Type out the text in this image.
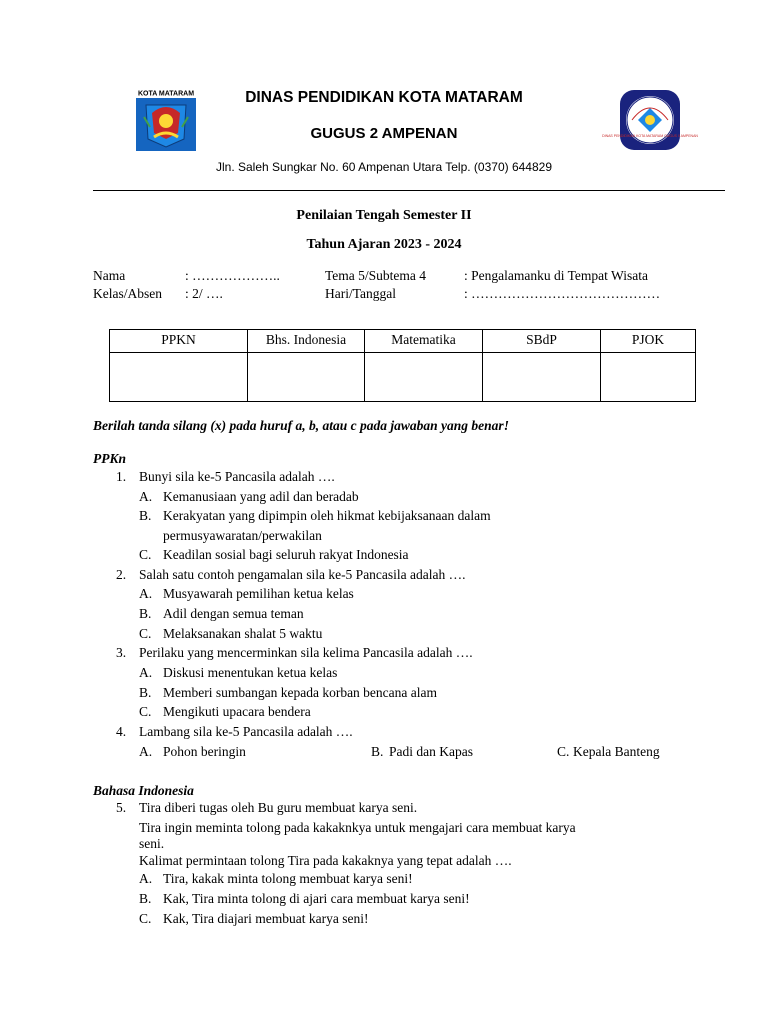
KOTA MATARAM
DINAS PENDIDIKAN KOTA MATARAM GUGUS II AMPENAN
DINAS PENDIDIKAN KOTA MATARAM
GUGUS 2 AMPENAN
Jln. Saleh Sungkar No. 60 Ampenan Utara Telp. (0370) 644829
Penilaian Tengah Semester II
Tahun Ajaran 2023 - 2024
Nama	: ………………..	Tema 5/Subtema 4	: Pengalamanku di Tempat Wisata
Kelas/Absen : 2/ ….	Hari/Tanggal	: ……………………………………
PPKN	Bhs. Indonesia	Matematika	SBdP	PJOK

Berilah tanda silang (x) pada huruf a, b, atau c pada jawaban yang benar!
PPKn
1. Bunyi sila ke-5 Pancasila adalah ….
A. Kemanusiaan yang adil dan beradab
B. Kerakyatan yang dipimpin oleh hikmat kebijaksanaan dalam
permusyawaratan/perwakilan
C. Keadilan sosial bagi seluruh rakyat Indonesia
2. Salah satu contoh pengamalan sila ke-5 Pancasila adalah ….
A. Musyawarah pemilihan ketua kelas
B. Adil dengan semua teman
C. Melaksanakan shalat 5 waktu
3. Perilaku yang mencerminkan sila kelima Pancasila adalah ….
A. Diskusi menentukan ketua kelas
B. Memberi sumbangan kepada korban bencana alam
C. Mengikuti upacara bendera
4. Lambang sila ke-5 Pancasila adalah ….
A. Pohon beringin	B. Padi dan Kapas	C. Kepala Banteng
Bahasa Indonesia
5. Tira diberi tugas oleh Bu guru membuat karya seni.
Tira ingin meminta tolong pada kakaknkya untuk mengajari cara membuat karya
seni.
Kalimat permintaan tolong Tira pada kakaknya yang tepat adalah ….
A. Tira, kakak minta tolong membuat karya seni!
B. Kak, Tira minta tolong di ajari cara membuat karya seni!
C. Kak, Tira diajari membuat karya seni!
